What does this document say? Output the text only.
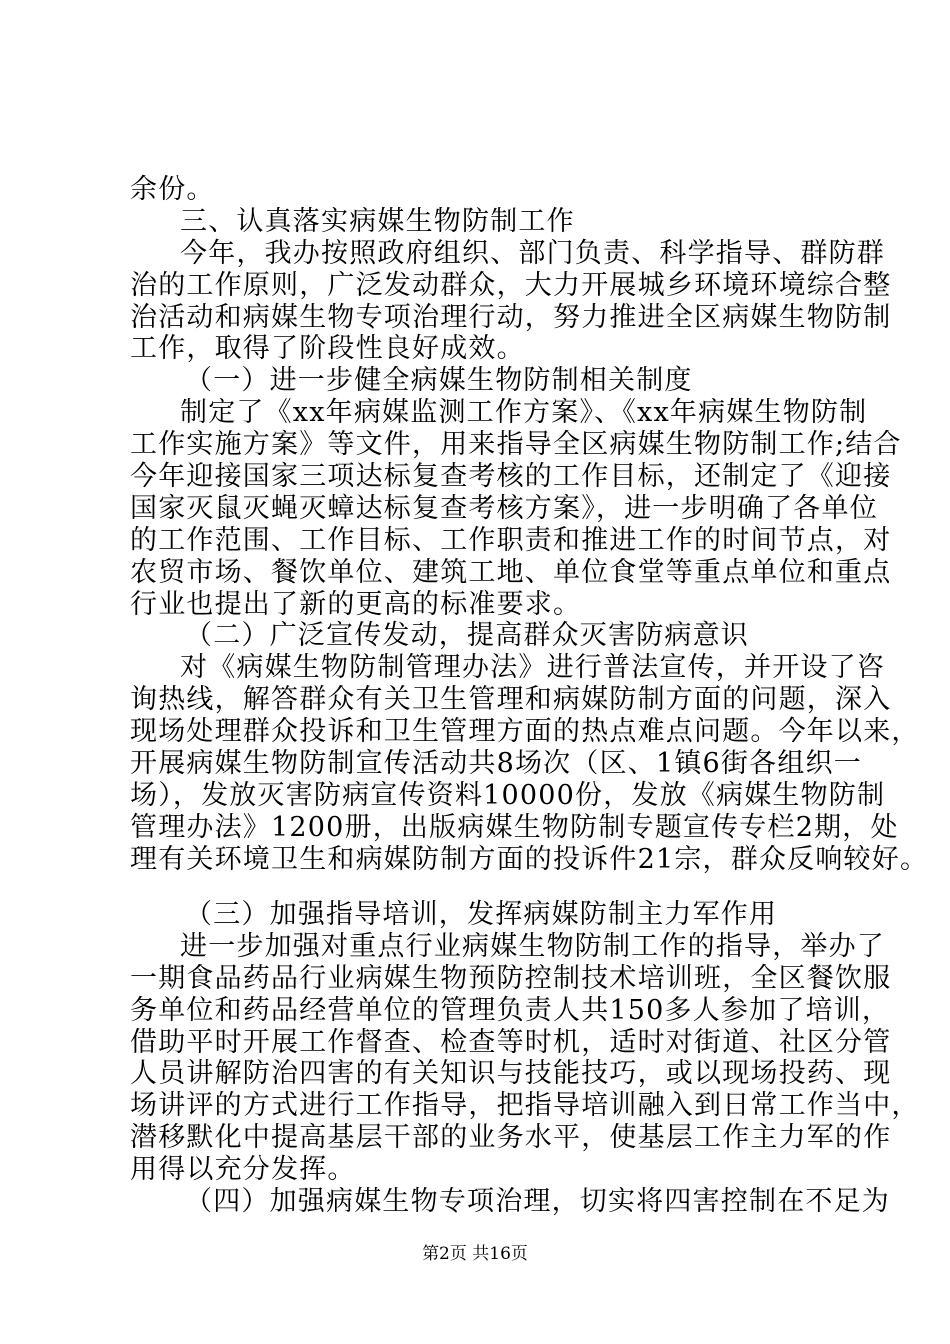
余份。
三、认真落实病媒生物防制工作
今年，我办按照政府组织、部门负责、科学指导、群防群
治的工作原则，广泛发动群众，大力开展城乡环境环境综合整
治活动和病媒生物专项治理行动，努力推进全区病媒生物防制
工作，取得了阶段性良好成效。
（一）进一步健全病媒生物防制相关制度
制定了《xx年病媒监测工作方案》、《xx年病媒生物防制
工作实施方案》等文件，用来指导全区病媒生物防制工作;结合
今年迎接国家三项达标复查考核的工作目标，还制定了《迎接
国家灭鼠灭蝇灭蟑达标复查考核方案》，进一步明确了各单位
的工作范围、工作目标、工作职责和推进工作的时间节点，对
农贸市场、餐饮单位、建筑工地、单位食堂等重点单位和重点
行业也提出了新的更高的标准要求。
（二）广泛宣传发动，提高群众灭害防病意识
对《病媒生物防制管理办法》进行普法宣传，并开设了咨
询热线，解答群众有关卫生管理和病媒防制方面的问题，深入
现场处理群众投诉和卫生管理方面的热点难点问题。今年以来，
开展病媒生物防制宣传活动共8场次（区、1镇6街各组织一
场），发放灭害防病宣传资料10000份，发放《病媒生物防制
管理办法》1200册，出版病媒生物防制专题宣传专栏2期，处
理有关环境卫生和病媒防制方面的投诉件21宗，群众反响较好。
（三）加强指导培训，发挥病媒防制主力军作用
进一步加强对重点行业病媒生物防制工作的指导，举办了
一期食品药品行业病媒生物预防控制技术培训班，全区餐饮服
务单位和药品经营单位的管理负责人共150多人参加了培训，
借助平时开展工作督查、检查等时机，适时对街道、社区分管
人员讲解防治四害的有关知识与技能技巧，或以现场投药、现
场讲评的方式进行工作指导，把指导培训融入到日常工作当中，
潜移默化中提高基层干部的业务水平，使基层工作主力军的作
用得以充分发挥。
（四）加强病媒生物专项治理，切实将四害控制在不足为
第2页 共16页
